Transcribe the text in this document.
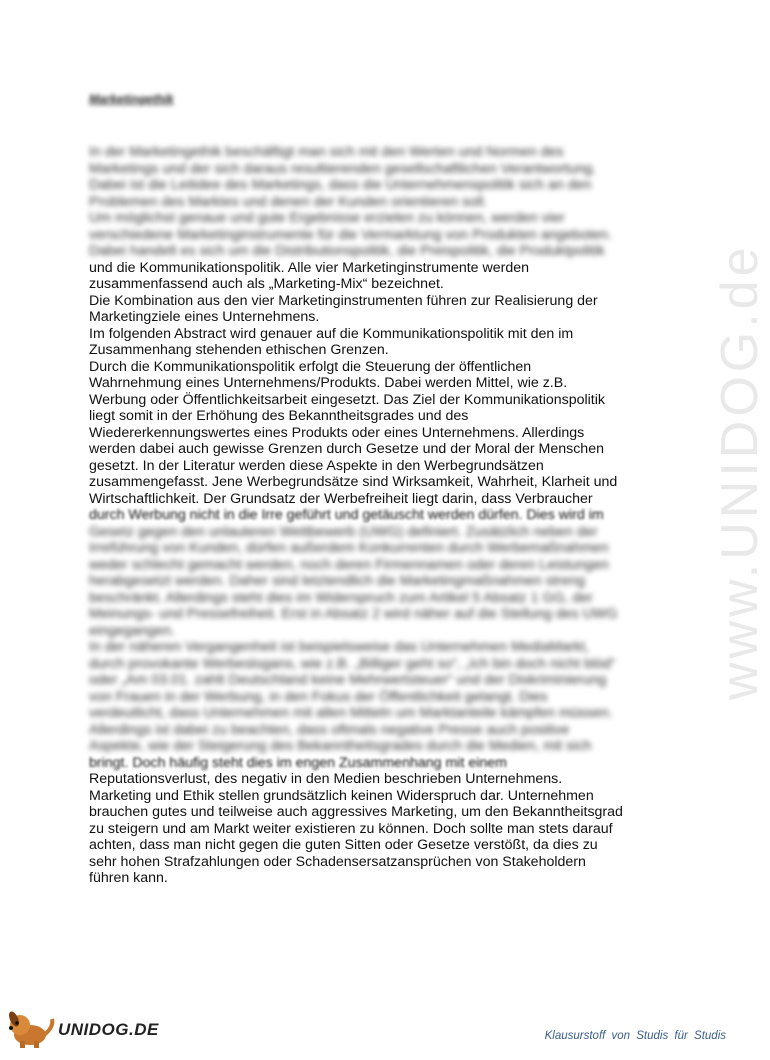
www.UNIDOG.de
Marketingethik
In der Marketingethik beschäftigt man sich mit den Werten und Normen des
Marketings und der sich daraus resultierenden gesellschaftlichen Verantwortung.
Dabei ist die Leitidee des Marketings, dass die Unternehmenspolitik sich an den
Problemen des Marktes und denen der Kunden orientieren soll.
Um möglichst genaue und gute Ergebnisse erzielen zu können, werden vier
verschiedene Marketinginstrumente für die Vermarktung von Produkten angeboten.
Dabei handelt es sich um die Distributionspolitik, die Preispolitik, die Produktpolitik
und die Kommunikationspolitik. Alle vier Marketinginstrumente werden
zusammenfassend auch als „Marketing-Mix“ bezeichnet.
Die Kombination aus den vier Marketinginstrumenten führen zur Realisierung der
Marketingziele eines Unternehmens.
Im folgenden Abstract wird genauer auf die Kommunikationspolitik mit den im
Zusammenhang stehenden ethischen Grenzen.
Durch die Kommunikationspolitik erfolgt die Steuerung der öffentlichen
Wahrnehmung eines Unternehmens/Produkts. Dabei werden Mittel, wie z.B.
Werbung oder Öffentlichkeitsarbeit eingesetzt. Das Ziel der Kommunikationspolitik
liegt somit in der Erhöhung des Bekanntheitsgrades und des
Wiedererkennungswertes eines Produkts oder eines Unternehmens. Allerdings
werden dabei auch gewisse Grenzen durch Gesetze und der Moral der Menschen
gesetzt. In der Literatur werden diese Aspekte in den Werbegrundsätzen
zusammengefasst. Jene Werbegrundsätze sind Wirksamkeit, Wahrheit, Klarheit und
Wirtschaftlichkeit. Der Grundsatz der Werbefreiheit liegt darin, dass Verbraucher
durch Werbung nicht in die Irre geführt und getäuscht werden dürfen. Dies wird im
Gesetz gegen den unlauteren Wettbewerb (UWG) definiert. Zusätzlich neben der
Irreführung von Kunden, dürfen außerdem Konkurrenten durch Werbemaßnahmen
weder schlecht gemacht werden, noch deren Firmennamen oder deren Leistungen
herabgesetzt werden. Daher sind letztendlich die Marketingmaßnahmen streng
beschränkt. Allerdings steht dies im Widerspruch zum Artikel 5 Absatz 1 GG, der
Meinungs- und Pressefreiheit. Erst in Absatz 2 wird näher auf die Stellung des UWG
eingegangen.
In der näheren Vergangenheit ist beispielsweise das Unternehmen MediaMarkt,
durch provokante Werbeslogans, wie z.B. „Billiger geht so“, „Ich bin doch nicht blöd“
oder „Am 03.01. zahlt Deutschland keine Mehrwertsteuer“ und der Diskriminierung
von Frauen in der Werbung, in den Fokus der Öffentlichkeit gelangt. Dies
verdeutlicht, dass Unternehmen mit allen Mitteln um Marktanteile kämpfen müssen.
Allerdings ist dabei zu beachten, dass oftmals negative Presse auch positive
Aspekte, wie der Steigerung des Bekanntheitsgrades durch die Medien, mit sich
bringt. Doch häufig steht dies im engen Zusammenhang mit einem
Reputationsverlust, des negativ in den Medien beschrieben Unternehmens.
Marketing und Ethik stellen grundsätzlich keinen Widerspruch dar. Unternehmen
brauchen gutes und teilweise auch aggressives Marketing, um den Bekanntheitsgrad
zu steigern und am Markt weiter existieren zu können. Doch sollte man stets darauf
achten, dass man nicht gegen die guten Sitten oder Gesetze verstößt, da dies zu
sehr hohen Strafzahlungen oder Schadensersatzansprüchen von Stakeholdern
führen kann.
UNIDOG.DE	Klausurstoff von Studis für Studis
